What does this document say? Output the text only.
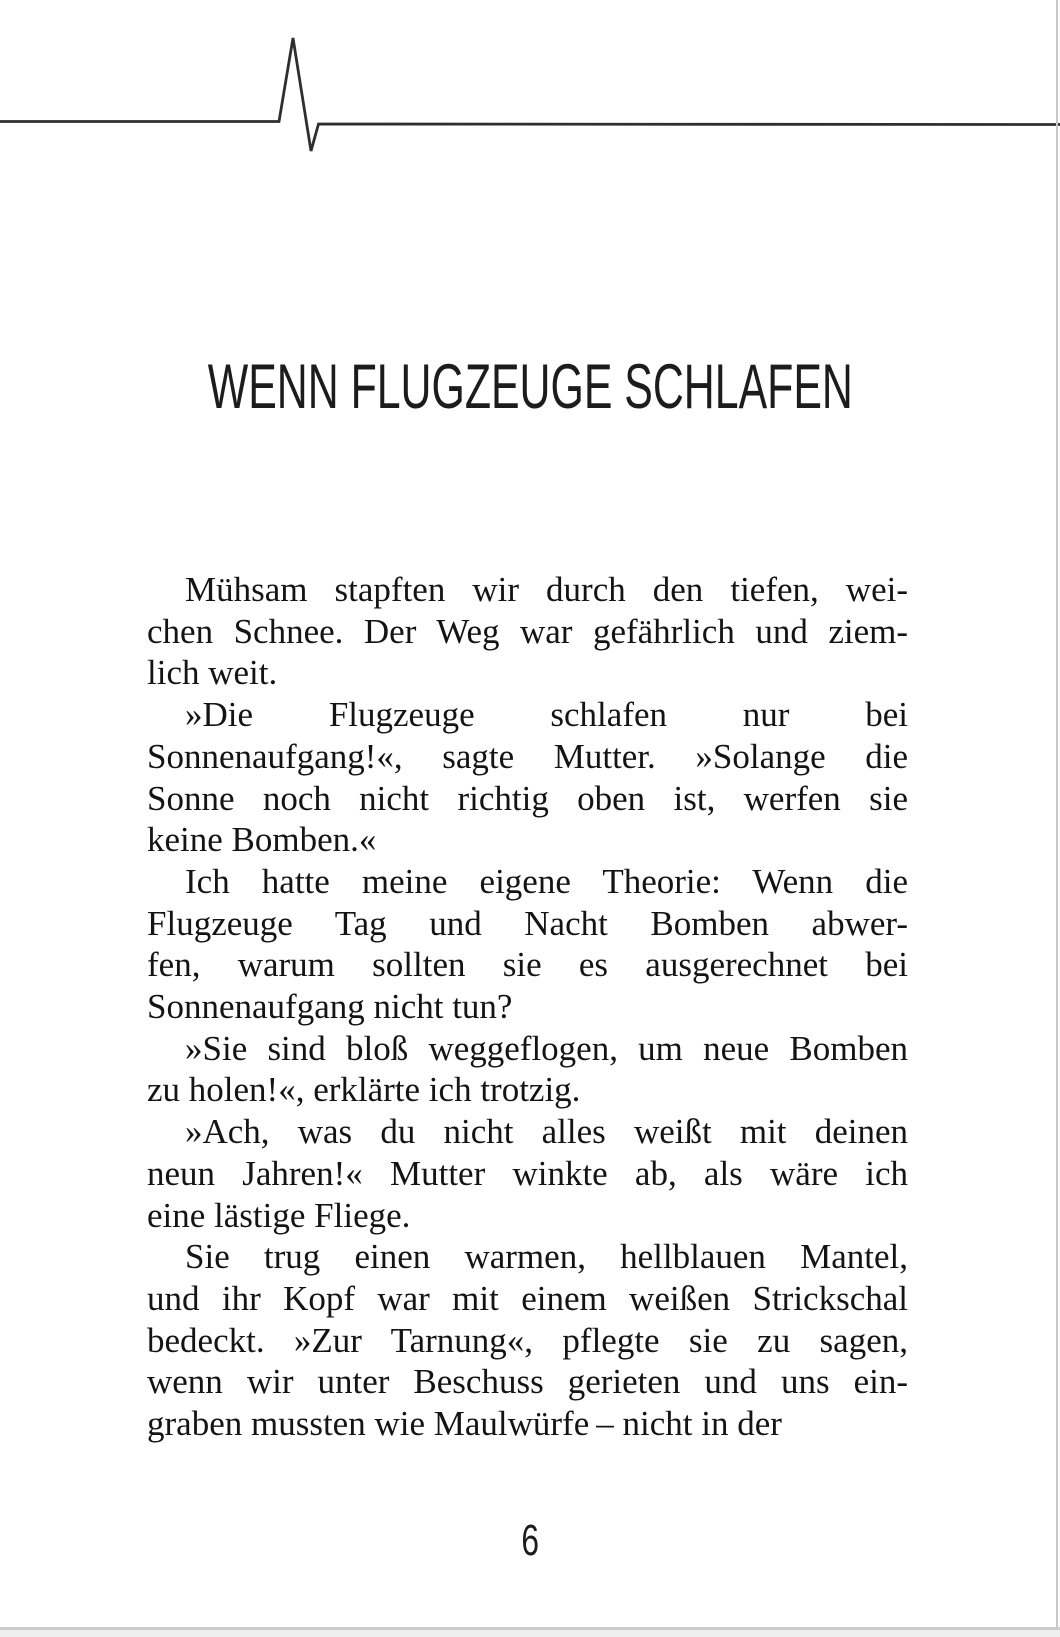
WENN FLUGZEUGE SCHLAFEN
Mühsam stapften wir durch den tiefen, wei-
chen Schnee. Der Weg war gefährlich und ziem-
lich weit.
»Die Flugzeuge schlafen nur bei
Sonnenaufgang!«, sagte Mutter. »Solange die
Sonne noch nicht richtig oben ist, werfen sie
keine Bomben.«
Ich hatte meine eigene Theorie: Wenn die
Flugzeuge Tag und Nacht Bomben abwer-
fen, warum sollten sie es ausgerechnet bei
Sonnenaufgang nicht tun?
»Sie sind bloß weggeflogen, um neue Bomben
zu holen!«, erklärte ich trotzig.
»Ach, was du nicht alles weißt mit deinen
neun Jahren!« Mutter winkte ab, als wäre ich
eine lästige Fliege.
Sie trug einen warmen, hellblauen Mantel,
und ihr Kopf war mit einem weißen Strickschal
bedeckt. »Zur Tarnung«, pflegte sie zu sagen,
wenn wir unter Beschuss gerieten und uns ein-
graben mussten wie Maulwürfe – nicht in der
6
